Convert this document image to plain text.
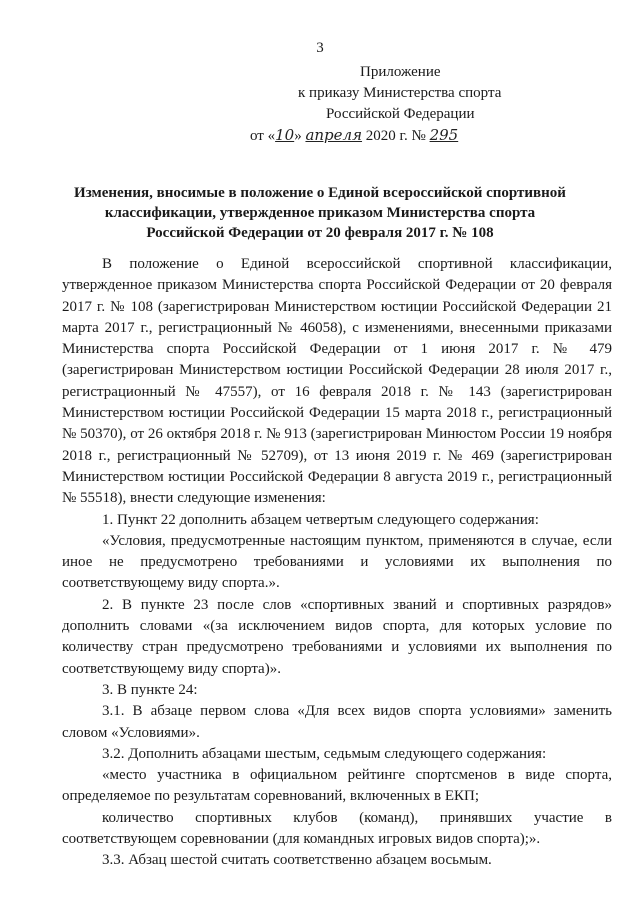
3
Приложение
к приказу Министерства спорта
Российской Федерации
от «10» апреля 2020 г. № 295
Изменения, вносимые в положение о Единой всероссийской спортивной классификации, утвержденное приказом Министерства спорта Российской Федерации от 20 февраля 2017 г. № 108

В положение о Единой всероссийской спортивной классификации, утвержденное приказом Министерства спорта Российской Федерации от 20 февраля 2017 г. № 108 (зарегистрирован Министерством юстиции Российской Федерации 21 марта 2017 г., регистрационный № 46058), с изменениями, внесенными приказами Министерства спорта Российской Федерации от 1 июня 2017 г. № 479 (зарегистрирован Министерством юстиции Российской Федерации 28 июля 2017 г., регистрационный № 47557), от 16 февраля 2018 г. № 143 (зарегистрирован Министерством юстиции Российской Федерации 15 марта 2018 г., регистрационный № 50370), от 26 октября 2018 г. № 913 (зарегистрирован Минюстом России 19 ноября 2018 г., регистрационный № 52709), от 13 июня 2019 г. № 469 (зарегистрирован Министерством юстиции Российской Федерации 8 августа 2019 г., регистрационный № 55518), внести следующие изменения:

1. Пункт 22 дополнить абзацем четвертым следующего содержания:

«Условия, предусмотренные настоящим пунктом, применяются в случае, если иное не предусмотрено требованиями и условиями их выполнения по соответствующему виду спорта.».

2. В пункте 23 после слов «спортивных званий и спортивных разрядов» дополнить словами «(за исключением видов спорта, для которых условие по количеству стран предусмотрено требованиями и условиями их выполнения по соответствующему виду спорта)».

3. В пункте 24:

3.1. В абзаце первом слова «Для всех видов спорта условиями» заменить словом «Условиями».

3.2. Дополнить абзацами шестым, седьмым следующего содержания:

«место участника в официальном рейтинге спортсменов в виде спорта, определяемое по результатам соревнований, включенных в ЕКП;

количество спортивных клубов (команд), принявших участие в соответствующем соревновании (для командных игровых видов спорта);».

3.3. Абзац шестой считать соответственно абзацем восьмым.
